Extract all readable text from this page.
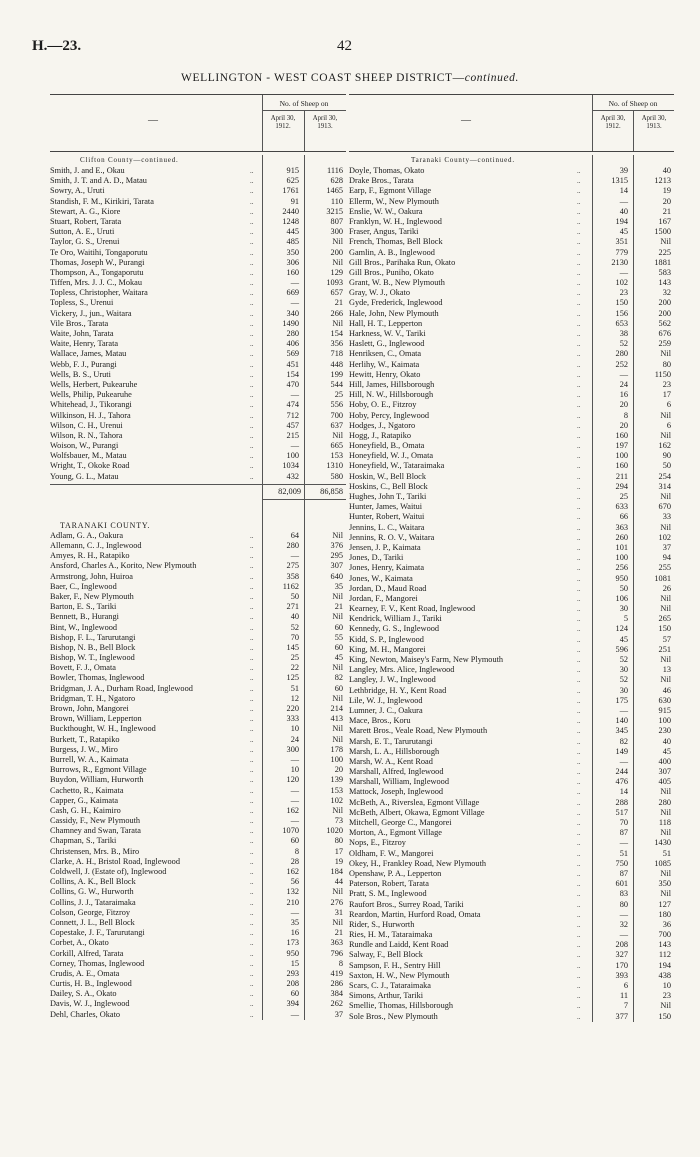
H.—23.	42
WELLINGTON - WEST COAST SHEEP DISTRICT—continued.
—
No. of Sheep on
April 30, 1912.
April 30, 1913.
Clifton County—continued.
Smith, J. and E., Okau	..	915	1116
Smith, J. T. and A. D., Matau	..	625	628
Sowry, A., Uruti	..	1761	1465
Standish, F. M., Kirikiri, Tarata	..	91	110
Stewart, A. G., Kiore	..	2440	3215
Stuart, Robert, Tarata	..	1248	807
Sutton, A. E., Uruti	..	445	300
Taylor, G. S., Urenui	..	485	Nil
Te Oro, Waitihi, Tongaporutu	..	350	200
Thomas, Joseph W., Purangi	..	306	Nil
Thompson, A., Tongaporutu	..	160	129
Tiffen, Mrs. J. J. C., Mokau	..	—	1093
Topless, Christopher, Waitara	..	669	657
Topless, S., Urenui	..	—	21
Vickery, J., jun., Waitara	..	340	266
Vile Bros., Tarata	..	1490	Nil
Waite, John, Tarata	..	280	154
Waite, Henry, Tarata	..	406	356
Wallace, James, Matau	..	569	718
Webb, F. J., Purangi	..	451	448
Wells, B. S., Uruti	..	154	199
Wells, Herbert, Pukearuhe	..	470	544
Wells, Philip, Pukearuhe	..	—	25
Whitehead, J., Tikorangi	..	474	556
Wilkinson, H. J., Tahora	..	712	700
Wilson, C. H., Urenui	..	457	637
Wilson, R. N., Tahora	..	215	Nil
Woison, W., Purangi	..	—	665
Wolfsbauer, M., Matau	..	100	153
Wright, T., Okoke Road	..	1034	1310
Young, G. L., Matau	..	432	580
82,009 86,858
TARANAKI COUNTY.
Adlam, G. A., Oakura	..	64	Nil
Allemann, C. J., Inglewood	..	280	376
Amyes, R. H., Ratapiko	..	—	295
Ansford, Charles A., Korito, New Plymouth	..	275	307
Armstrong, John, Huiroa	..	358	640
Baer, C., Inglewood	..	1162	35
Baker, F., New Plymouth	..	50	Nil
Barton, E. S., Tariki	..	271	21
Bennett, B., Hurangi	..	40	Nil
Bint, W., Inglewood	..	52	60
Bishop, F. L., Tarurutangi	..	70	55
Bishop, N. B., Bell Block	..	145	60
Bishop, W. T., Inglewood	..	25	45
Bovett, F. J., Omata	..	22	Nil
Bowler, Thomas, Inglewood	..	125	82
Bridgman, J. A., Durham Road, Inglewood	..	51	60
Bridgman, T. H., Ngatoro	..	12	Nil
Brown, John, Mangorei	..	220	214
Brown, William, Lepperton	..	333	413
Buckthought, W. H., Inglewood	..	10	Nil
Burkett, T., Ratapiko	..	24	Nil
Burgess, J. W., Miro	..	300	178
Burrell, W. A., Kaimata	..	—	100
Burrows, R., Egmont Village	..	10	20
Buydon, William, Hurworth	..	120	139
Cachetto, R., Kaimata	..	—	153
Capper, G., Kaimata	..	—	102
Cash, G. H., Kaimiro	..	162	Nil
Cassidy, F., New Plymouth	..	—	73
Chamney and Swan, Tarata	..	1070	1020
Chapman, S., Tariki	..	60	80
Christensen, Mrs. B., Miro	..	8	17
Clarke, A. H., Bristol Road, Inglewood	..	28	19
Coldwell, J. (Estate of), Inglewood	..	162	184
Collins, A. K., Bell Block	..	56	44
Collins, G. W., Hurworth	..	132	Nil
Collins, J. J., Tataraimaka	..	210	276
Colson, George, Fitzroy	..	—	31
Connett, J. L., Bell Block	..	35	Nil
Copestake, J. F., Tarurutangi	..	16	21
Corbet, A., Okato	..	173	363
Corkill, Alfred, Tarata	..	950	796
Corney, Thomas, Inglewood	..	15	8
Crudis, A. E., Omata	..	293	419
Curtis, H. B., Inglewood	..	208	286
Dailey, S. A., Okato	..	60	384
Davis, W. J., Inglewood	..	394	262
Dehl, Charles, Okato	..	—	37
—
No. of Sheep on
April 30, 1912.
April 30, 1913.
Taranaki County—continued.
Doyle, Thomas, Okato	..	39	40
Drake Bros., Tarata	..	1315	1213
Earp, F., Egmont Village	..	14	19
Ellerm, W., New Plymouth	..	—	20
Enslie, W. W., Oakura	..	40	21
Franklyn, W. H., Inglewood	..	194	167
Fraser, Angus, Tariki	..	45	1500
French, Thomas, Bell Block	..	351	Nil
Gamlin, A. B., Inglewood	..	779	225
Gill Bros., Parihaka Run, Okato	..	2130	1881
Gill Bros., Puniho, Okato	..	—	583
Grant, W. B., New Plymouth	..	102	143
Gray, W. J., Okato	..	23	32
Gyde, Frederick, Inglewood	..	150	200
Hale, John, New Plymouth	..	156	200
Hall, H. T., Lepperton	..	653	562
Harkness, W. V., Tariki	..	38	676
Haslett, G., Inglewood	..	52	259
Henriksen, C., Omata	..	280	Nil
Herlihy, W., Kaimata	..	252	80
Hewitt, Henry, Okato	..	—	1150
Hill, James, Hillsborough	..	24	23
Hill, N. W., Hillsborough	..	16	17
Hoby, O. E., Fitzroy	..	20	6
Hoby, Percy, Inglewood	..	8	Nil
Hodges, J., Ngatoro	..	20	6
Hogg, J., Ratapiko	..	160	Nil
Honeyfield, B., Omata	..	197	162
Honeyfield, W. J., Omata	..	100	90
Honeyfield, W., Tataraimaka	..	160	50
Hoskin, W., Bell Block	..	211	254
Hoskins, C., Bell Block	..	294	314
Hughes, John T., Tariki	..	25	Nil
Hunter, James, Waitui	..	633	670
Hunter, Robert, Waitui	..	66	33
Jennins, L. C., Waitara	..	363	Nil
Jennins, R. O. V., Waitara	..	260	102
Jensen, J. P., Kaimata	..	101	37
Jones, D., Tariki	..	100	94
Jones, Henry, Kaimata	..	256	255
Jones, W., Kaimata	..	950	1081
Jordan, D., Maud Road	..	50	26
Jordan, F., Mangorei	..	106	Nil
Kearney, F. V., Kent Road, Inglewood	..	30	Nil
Kendrick, William J., Tariki	..	5	265
Kennedy, G. S., Inglewood	..	124	150
Kidd, S. P., Inglewood	..	45	57
King, M. H., Mangorei	..	596	251
King, Newton, Maisey's Farm, New Plymouth	..	52	Nil
Langley, Mrs. Alice, Inglewood	..	30	13
Langley, J. W., Inglewood	..	52	Nil
Lethbridge, H. Y., Kent Road	..	30	46
Lile, W. J., Inglewood	..	175	630
Lumner, J. C., Oakura	..	—	915
Mace, Bros., Koru	..	140	100
Marett Bros., Veale Road, New Plymouth	..	345	230
Marsh, E. T., Tarurutangi	..	82	40
Marsh, L. A., Hillsborough	..	149	45
Marsh, W. A., Kent Road	..	—	400
Marshall, Alfred, Inglewood	..	244	307
Marshall, William, Inglewood	..	476	405
Mattock, Joseph, Inglewood	..	14	Nil
McBeth, A., Riverslea, Egmont Village	..	288	280
McBeth, Albert, Okawa, Egmont Village	..	517	Nil
Mitchell, George C., Mangorei	..	70	118
Morton, A., Egmont Village	..	87	Nil
Nops, E., Fitzroy	..	—	1430
Oldham, F. W., Mangorei	..	51	51
Okey, H., Frankley Road, New Plymouth	..	750	1085
Openshaw, P. A., Lepperton	..	87	Nil
Paterson, Robert, Tarata	..	601	350
Pratt, S. M., Inglewood	..	83	Nil
Raufort Bros., Surrey Road, Tariki	..	80	127
Reardon, Martin, Hurford Road, Omata	..	—	180
Rider, S., Hurworth	..	32	36
Ries, H. M., Tataraimaka	..	—	700
Rundle and Laidd, Kent Road	..	208	143
Salway, F., Bell Block	..	327	112
Sampson, F. H., Sentry Hill	..	170	194
Saxton, H. W., New Plymouth	..	393	438
Scars, C. J., Tataraimaka	..	6	10
Simons, Arthur, Tariki	..	11	23
Smellie, Thomas, Hillsborough	..	7	Nil
Sole Bros., New Plymouth	..	377	150
